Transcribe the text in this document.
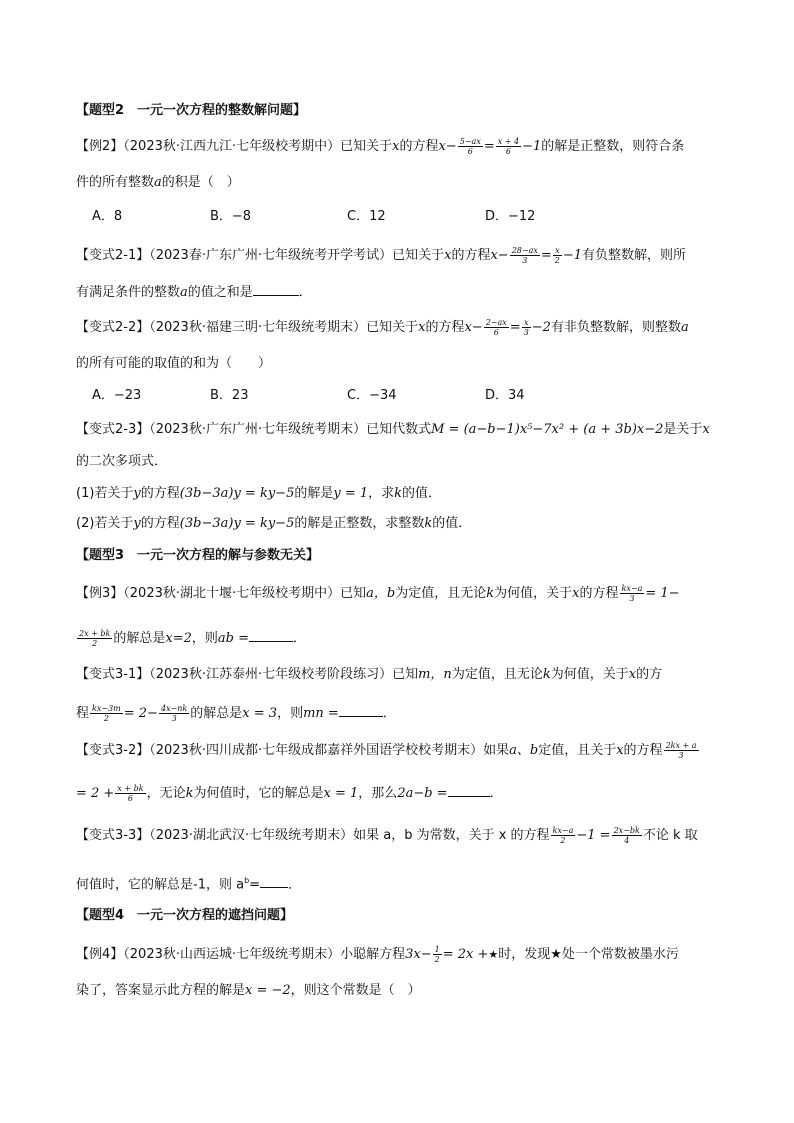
【题型2　一元一次方程的整数解问题】
【例2】（2023秋·江西九江·七年级校考期中）已知关于x的方程$x- \frac{5-ax}{6} = \frac{x + 4}{6} -1$的解是正整数，则符合条
件的所有整数a的积是（　）
A．8	B．−8	C．12	D．−12
【变式2-1】（2023春·广东广州·七年级统考开学考试）已知关于x的方程$x- \frac{28-ax}{3} = \frac{x}{2} -1$有负整数解，则所
有满足条件的整数a的值之和是	．
【变式2-2】（2023秋·福建三明·七年级统考期末）已知关于x的方程$x- \frac{2-ax}{6} = \frac{x}{3} -2$有非负整数解，则整数a
的所有可能的取值的和为（　　）
A．−23	B．23	C．−34	D．34
【变式2-3】（2023秋·广东广州·七年级统考期末）已知代数式M = (a−b−1)x⁵−7x² + (a + 3b)x−2是关于x
的二次多项式．
(1)若关于y的方程(3b−3a)y = ky−5的解是y = 1，求k的值．
(2)若关于y的方程(3b−3a)y = ky−5的解是正整数，求整数k的值．
【题型3　一元一次方程的解与参数无关】
【例3】（2023秋·湖北十堰·七年级校考期中）已知a，b为定值，且无论k为何值，关于x的方程 $\frac{kx-a}{3} = 1-$
$\frac{2x + bk}{2}$ 的解总是x=2，则ab =	．
【变式3-1】（2023秋·江苏泰州·七年级校考阶段练习）已知m，n为定值，且无论k为何值，关于x的方
程 $\frac{kx-3m}{2} = 2- \frac{4x-nk}{3}$ 的解总是x = 3，则mn =	．
【变式3-2】（2023秋·四川成都·七年级成都嘉祥外国语学校校考期末）如果a、b定值，且关于x的方程 $\frac{2kx + a}{3}$
= $2 + \frac{x + bk}{6}$ ，无论k为何值时，它的解总是x = 1，那么2a−b =	．
【变式3-3】（2023·湖北武汉·七年级统考期末）如果 a，b 为常数，关于 x 的方程 $\frac{kx-a}{2} -1 = \frac{2x-bk}{4}$ 不论 k 取
何值时，它的解总是-1，则 $a^b=$ ．
【题型4　一元一次方程的遮挡问题】
【例4】（2023秋·山西运城·七年级统考期末）小聪解方程$3x- \frac{1}{2} = 2x$ +★时，发现★处一个常数被墨水污
染了，答案显示此方程的解是x = −2，则这个常数是（　）
